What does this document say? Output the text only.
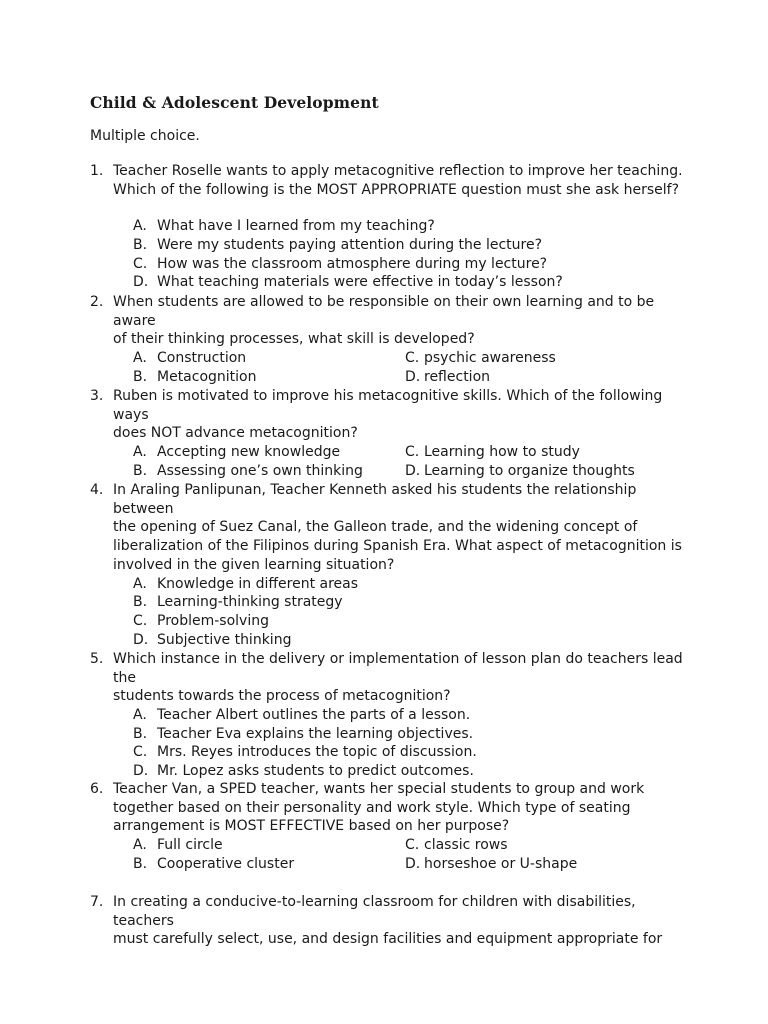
Child & Adolescent Development
Multiple choice.
1. Teacher Roselle wants to apply metacognitive reflection to improve her teaching.
Which of the following is the MOST APPROPRIATE question must she ask herself?
A. What have I learned from my teaching?
B. Were my students paying attention during the lecture?
C. How was the classroom atmosphere during my lecture?
D. What teaching materials were effective in today’s lesson?
2. When students are allowed to be responsible on their own learning and to be aware
of their thinking processes, what skill is developed?
A. Construction	C. psychic awareness
B. Metacognition	D. reflection
3. Ruben is motivated to improve his metacognitive skills. Which of the following ways
does NOT advance metacognition?
A. Accepting new knowledge	C. Learning how to study
B. Assessing one’s own thinking	D. Learning to organize thoughts
4. In Araling Panlipunan, Teacher Kenneth asked his students the relationship between
the opening of Suez Canal, the Galleon trade, and the widening concept of
liberalization of the Filipinos during Spanish Era. What aspect of metacognition is
involved in the given learning situation?
A. Knowledge in different areas
B. Learning-thinking strategy
C. Problem-solving
D. Subjective thinking
5. Which instance in the delivery or implementation of lesson plan do teachers lead the
students towards the process of metacognition?
A. Teacher Albert outlines the parts of a lesson.
B. Teacher Eva explains the learning objectives.
C. Mrs. Reyes introduces the topic of discussion.
D. Mr. Lopez asks students to predict outcomes.
6. Teacher Van, a SPED teacher, wants her special students to group and work
together based on their personality and work style. Which type of seating
arrangement is MOST EFFECTIVE based on her purpose?
A. Full circle	C. classic rows
B. Cooperative cluster	D. horseshoe or U-shape
7. In creating a conducive-to-learning classroom for children with disabilities, teachers
must carefully select, use, and design facilities and equipment appropriate for
